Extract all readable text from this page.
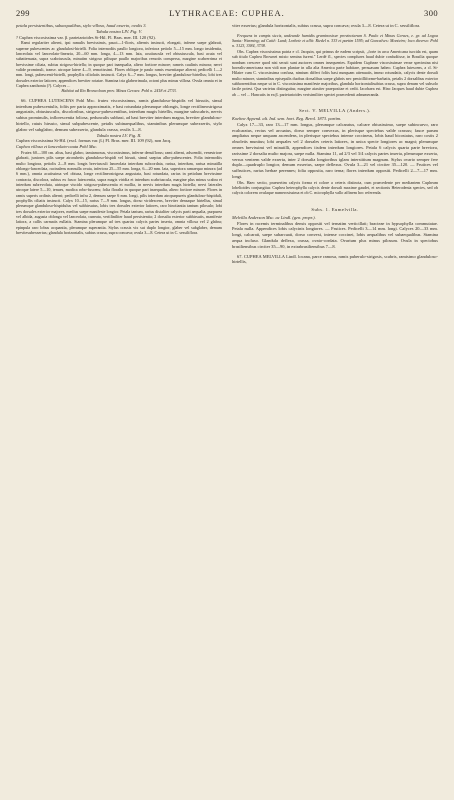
299	LYTHRACEAE: CUPHEA.	300

petala persistentibus, subaequalibus, stylo villoso, haud exserto, ovulis 3.

Tabula nostra LIV. Fig. V.

? Cuphea viscosissima var. β. parietarioides St-Hil. Fl. Bras. mer. III. 120 (92).

Rami regulariter alterni, ipsi ramulis brevissimis, pauci—1-floris, alternis instructi, elongati, inferne saepe glabrati, superne pubescentes ac glandulosi-hirtelli. Folia internodiis paullo longiora, inferiora petiolo 5—15 mm. longo insidentia, lanceolata vel lanceolato-linearia, 20—60 mm. longa, 4—13 mm. lata, acutiuscula vel obtusiuscula, basi acuta vel subattenuata, supra scabriuscula, minutim strigoso pilisque paullo majoribus remotis conspersa, margine scabrerrima et brevissime ciliata, subtus strigoso-hirtella; in quoque pari inaequalia, altero fortiore minore; rameis caulinis minora; nervi valide prominuli, transv. utroque latere 4—9, remotissimi. Flores oblique je paulo ramis essentiaque alterni; pedicelli 1—2 mm. longi, pubescenti-hirtelli, prophyllis ciliolatis instructi. Calyx 6—7 mm. longus, breviter glanduloso-hirtellus; lobi tres dorsales exterior latiores; appendices breviter rotatae. Stamina tria glaberrimula, octoni plus minus villosa. Ovula omnia et in Cuphea xanthonia (?). Calyces ...

Habitat ad Rio Broncoloan prov. Minas Geraes: Pohl n. 2418 et 2733.

66. CUPHEA LUTESCENS Pohl Msc. frutex viscosissimus, ramis glanduloso-hispidis vel hirsutis, simul interdum pubescentulis, foliis per paria approximatis, e basi rotundata plerumque oblongis, longe rectilineostrigosa angustatis, obtusiusculis, discoloribus, strigoso-pubescentibus, interdum magis hirtellis, margine subscabris, nervis subtus prominulis, inflorescentia foliosa, pedunculis subbasi, ad basi breviter interdum magna, breviter glanduloso-hirtello, ratuis hirsuto, simul subpubescente, petalis subinaequalibus, staminibus plerumque subexsertis, stylo glabro vel subglabro, demum subexserto, glandula crassa, ovulis 3—8.

Tabula nostra LV. Fig. II.

Cuphea viscosissima St-Hil. (excl. formas var. β.) Fl. Bras. mer. III. 109 (92), non Jacq.

Cuphea villosa et lanceolato-cauta Pohl Msc.

Frutex 60—100 cm. altus, basi glabro, iamiamosus, viscosissimus, inferne densiflorus; rami alterni, adscendit, venestriore glabrati, juniores pilis saepe atrorubetis glanduloso-hispidi vel hirsuti, simul saepius albo-pubescentes. Folia internodiis multo longiora, petiolis 2—8 mm. longis breviusculi lanceolata interdum subcordata, rariua, interdum, rariua minutilla oblongo-lanceolata, racinalens nonnulla ovata, inferiora 25—55 mm. longa, 6—20 mm. lata, superiora ramaequo minora (ad 6 mm.), omnia acutissima vel obtusa, longe rectilineostrigosa angustata, basi rotundata, rarius in petiolum brevissime contracta, discolora, subtus ex fusco lutescentia, supra magis viridia et interdum scabriuscula, margine plus minus scabra et interdum subrevoluta, utrinque viscido strigoso-pubescentia et mollia, in nervis interdum magis hirtella; nervi laterales utroque latere 5—10, tenues, modica robo-fuscens; folia floralia in quoque pari inaequalia, altero fortiore minore. Flores in ramis superis ordinis alterni; pedicelli infra 2, demum saepe 6 mm. longi, pilis interdum atropurpureis glanduloso-hispiduli, prophyllis ciliatis instructi. Calyx 10—15, rarius 7—9 mm. longus, dorso viridescens, breviter densaque hirtellus, simul plerumque glanduloso-hispidulus vel subhirsutus, lobis tres dorsales exterior latiores, raro hinctiantia tantum pilosulo; lobi tres dorsales exterior majores, medius saepe manifeste longior. Petala tantum, rarius distaliter calycis parti aequalia, purpurea vel albida, augusta oblonga vel lanceolata, cuneata, veriiliniliter haud persistentia; 2 dorsalia exterior subhirsutis, manifeste latiora, a callis carmatis eullatis. Stamina plerumque ad tres quartas calycis partes inserta, omnia villosa vel 2 glabra; epinpula raro lobus acquantia, plerumque superantia. Stylus crassis vix sut duplo longior, glaber vel subglaber, demum brevitesubexsertus; glandula horizontalis, subtus crassa, supra concava; ovula 3—8. Cetera ut in C. sessiliflora.

viter exsertus; glandula horizontalis, subtus crassa, supra concava; ovula 3—8. Cetera ut in C. sessiliflora.

Frequens in campis siccis, undeunde humidis graminosisve provinciarum S. Paulo et Minas Geraes, e. gr. ad Logoa Santa: Warming; ad Caitê: Lund; Lorbeie et allii: Riedel n. 333 et partim 1595; ad Goncalves: Monteiro; loco diverso: Pohl n. 3123, 3384, 3738.

Obs. Cuphea viscosissima patria e cl. Jacquin, qui primus de eadem scripsit, „forte in arca Americana turcida est, quam sub titulo Cuphea Brownei mixio semina furent." Lerdé fl., species complures haud dubie confudiisse, in Brasilia quoque nondum crescere quod nisi secuti sunt auctores omnes insequentes. Equidem Cupheae viscosissimae verae specimina nisi borealis-americana non vidi non plantae in ulla alia America parte habitare, persuasum habeo. Cuphea lutescens, a cl. St-Hilaire cum C. viscosissima confusa, nimium differt foliis basi nunquam attenuatis, immo rotundatis, calycis dente dorsali multo minore, staminibus episepalis duobus dorsalibus saepe glabris nec penicilliforme-barbatis, petalis 2 dorsalibus exterior subhorrentibus neque ut in C. viscosissima manifeste majoribus, glandula horizontalisubtus crassa, supra denum vel subsolo facile potest. Qua varietas distinguitur, margine aiaxiter praepositae et cedit. Iacobaea est. Hinc Jacques haud dubie Cuphea ab ... vel ... Hancutis in ea β. parietarioides verisimiliter speciei praecedenti adnumeranda.

Sect. V. MELVILLA (Anders.).

Koehne Append. alt. Ind. sem. hort. Reg. Berol. 1873. partim.

Calyx 17—33, raro 13—17 mm. longus, plerumque calcaratus, calcare obtusissimo, saepe subincurvo, raro ecalcaratus, rectus vel arcuatus, dorso semper convexus, in plerisque speciebus valde crassus; fauce parum ampliatus neque unquam ascendens, in plerisque speciebus intense coccineus, lobis haud bicostatus, raro costis 2 obsoletis munitus; lobi aequales vel 2 dorsales ceteris latiores, in unica specie longiores ac magni; plerumque omnes brevissimi vel minutilli, appendices iisdem interdum longiores. Petala 6 calycis quarta parte breviora, rarissime 2 dorsalia multo majora, saepe nulla. Stamina 11, ad 2/3 vel 3/4 calycis partes inserta, plerumque exserta, versus ventrem valde exserta, inter 2 dorsalia longioribus iglam interstitium magnum. Stylus ovario semper fere duplo—quadruplo longior, demum exsertus, saepe deflexus. Ovula 3—21 vel circiter 35—120. — Frutices vel suffrutices, rarius herbae perennes; folia opposita, raro terna; flores interdum oppositi. Pedicelli 2—7—17 mm. longi.

Obs. Haec sectio, praesertim calycis forma et colore a ceteris distincta, cum praecedente per mediantem Cupheam lobelioides conjungitur. Cuphea heterophylla calycis dente dorsali maxime gaudet, et sectionis Heterodenia species, sed ob calycis colorem ovulaque numerosissima et ob C. microphylla vallo affinem hoc referenda.

Subs. 1. Eumelvilla.

Melvilla Anderson Msc. ac Lindl. (gen. propr.).

Flores in racemis terminalibus densis oppositi vel ternatim verticillati; bracteae in hypsophylla commutatae. Petala nulla. Appendices lobis calycinis longiores. — Frutices. Pedicelli 3—14 mm. longi. Calyces 20—33 mm. longi, calcarati, saepe subarcuati, dorso convexi, intense coccinei, lobis aequalibus vel subaequalibus. Stamina aequa incluso. Glandula deflexa, crassa, ovato-cordata. Ovarium plus minus pilosum. Ovula in speciobus brasiliensibus circiter 35—90, in extrabrasiliensibus 7—8.

67. CUPHEA MELVILLA Lindl. locana, parce ramosa, ramis puberulo-strigosis, scabris, ramisimo glanduloso-hirtellis,
